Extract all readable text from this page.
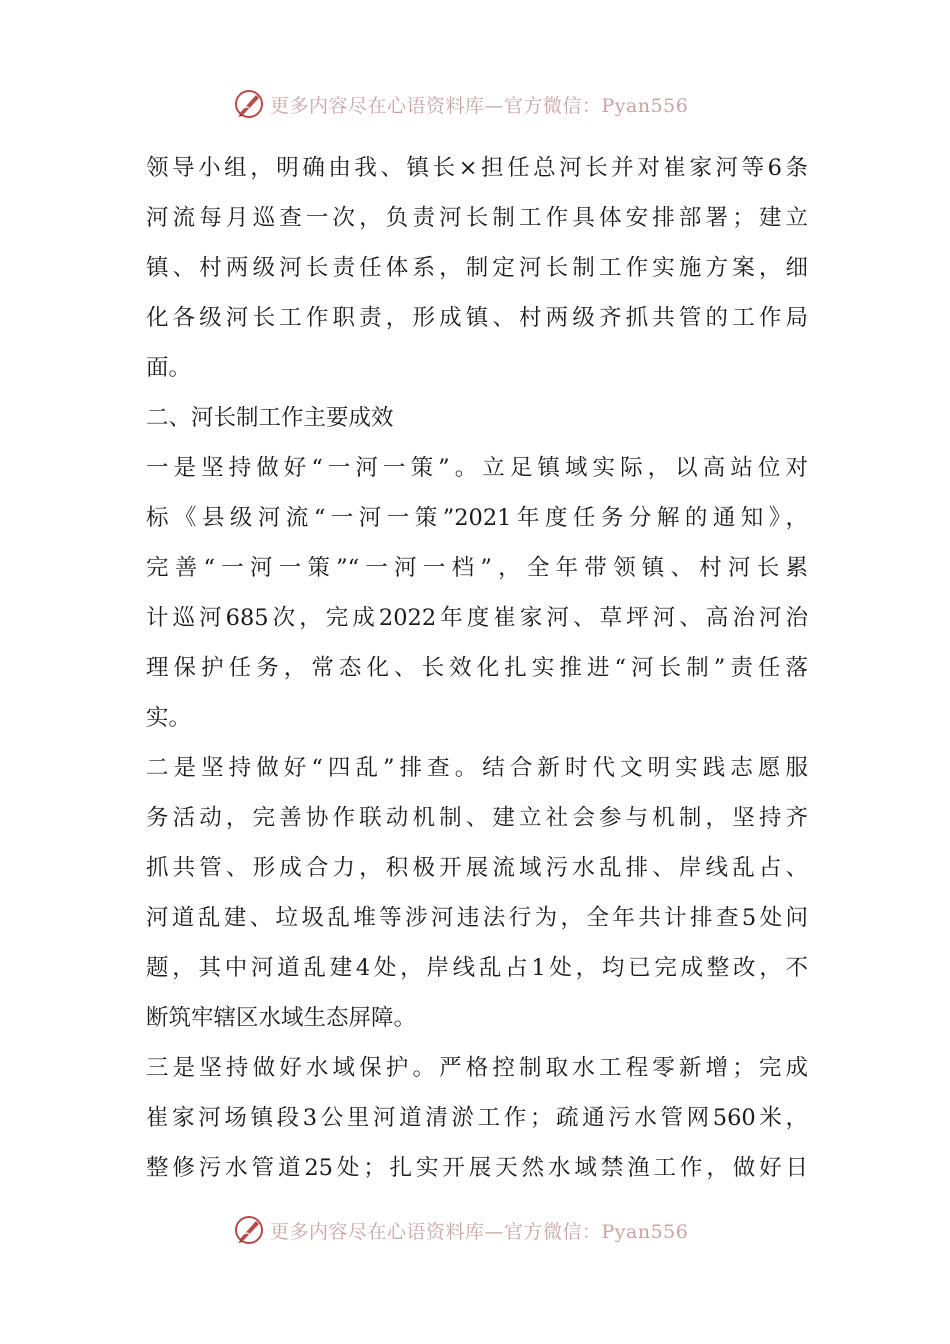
更多内容尽在心语资料库—官方微信：Pyan556
领导小组，明确由我、镇长×担任总河长并对崔家河等6条
河流每月巡查一次，负责河长制工作具体安排部署；建立
镇、村两级河长责任体系，制定河长制工作实施方案，细
化各级河长工作职责，形成镇、村两级齐抓共管的工作局
面。
二、河长制工作主要成效
一是坚持做好“一河一策”。立足镇域实际，以高站位对
标《县级河流“一河一策”2021年度任务分解的通知》，
完善“一河一策”“一河一档”，全年带领镇、村河长累
计巡河685次，完成2022年度崔家河、草坪河、高治河治
理保护任务，常态化、长效化扎实推进“河长制”责任落
实。
二是坚持做好“四乱”排查。结合新时代文明实践志愿服
务活动，完善协作联动机制、建立社会参与机制，坚持齐
抓共管、形成合力，积极开展流域污水乱排、岸线乱占、
河道乱建、垃圾乱堆等涉河违法行为，全年共计排查5处问
题，其中河道乱建4处，岸线乱占1处，均已完成整改，不
断筑牢辖区水域生态屏障。
三是坚持做好水域保护。严格控制取水工程零新增；完成
崔家河场镇段3公里河道清淤工作；疏通污水管网560米，
整修污水管道25处；扎实开展天然水域禁渔工作，做好日
更多内容尽在心语资料库—官方微信：Pyan556
